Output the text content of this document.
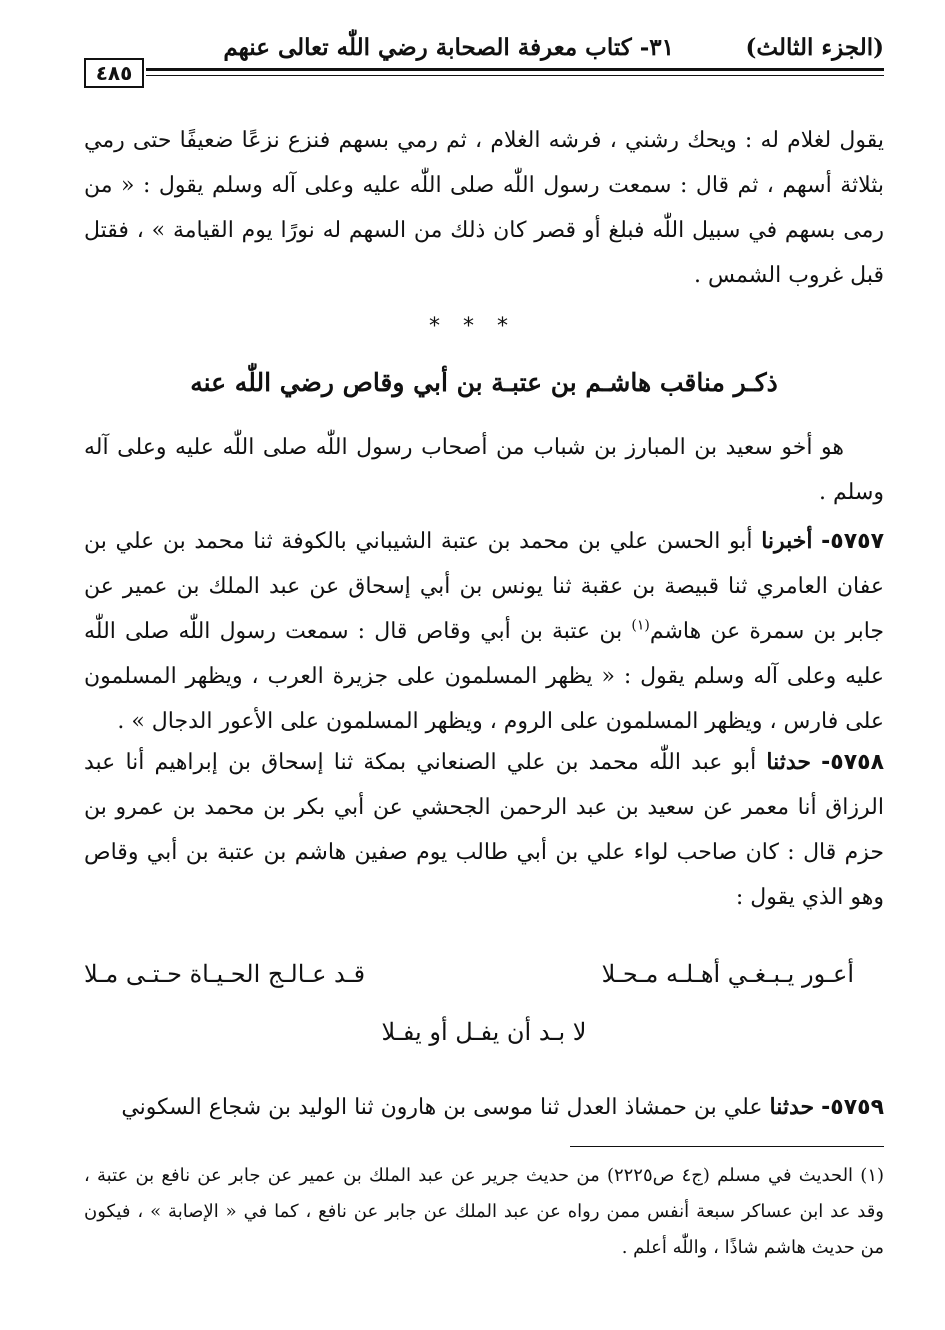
(الجزء الثالث)
٣١- كتاب معرفة الصحابة رضي اللّٰه تعالى عنهم
٤٨٥
يقول لغلام له : ويحك رشني ، فرشه الغلام ، ثم رمي بسهم فنزع نزعًا ضعيفًا حتى رمي بثلاثة أسهم ، ثم قال : سمعت رسول اللّٰه صلى اللّٰه عليه وعلى آله وسلم يقول : « من رمى بسهم في سبيل اللّٰه فبلغ أو قصر كان ذلك من السهم له نورًا يوم القيامة » ، فقتل قبل غروب الشمس .
* * *
ذكـر مناقب هاشـم بن عتبـة بن أبي وقاص رضي اللّٰه عنه
هو أخو سعيد بن المبارز بن شباب من أصحاب رسول اللّٰه صلى اللّٰه عليه وعلى آله وسلم .
٥٧٥٧- أخبرنا أبو الحسن علي بن محمد بن عتبة الشيباني بالكوفة ثنا محمد بن علي بن عفان العامري ثنا قبيصة بن عقبة ثنا يونس بن أبي إسحاق عن عبد الملك بن عمير عن جابر بن سمرة عن هاشم$^{(١)}$ بن عتبة بن أبي وقاص قال : سمعت رسول اللّٰه صلى اللّٰه عليه وعلى آله وسلم يقول : « يظهر المسلمون على جزيرة العرب ، ويظهر المسلمون على فارس ، ويظهر المسلمون على الروم ، ويظهر المسلمون على الأعور الدجال » .
٥٧٥٨- حدثنا أبو عبد اللّٰه محمد بن علي الصنعاني بمكة ثنا إسحاق بن إبراهيم أنا عبد الرزاق أنا معمر عن سعيد بن عبد الرحمن الجحشي عن أبي بكر بن محمد بن عمرو بن حزم قال : كان صاحب لواء علي بن أبي طالب يوم صفين هاشم بن عتبة بن أبي وقاص وهو الذي يقول :
أعـور يـبـغـي أهـلـه مـحـلا
قـد عـالـج الحـيـاة حـتـى مـلا
لا بـد أن يفـل أو يفـلا
٥٧٥٩- حدثنا علي بن حمشاذ العدل ثنا موسى بن هارون ثنا الوليد بن شجاع السكوني
(١) الحديث في مسلم (ج٤ ص٢٢٢٥) من حديث جرير عن عبد الملك بن عمير عن جابر عن نافع بن عتبة ، وقد عد ابن عساكر سبعة أنفس ممن رواه عن عبد الملك عن جابر عن نافع ، كما في « الإصابة » ، فيكون من حديث هاشم شاذًا ، واللّٰه أعلم .
